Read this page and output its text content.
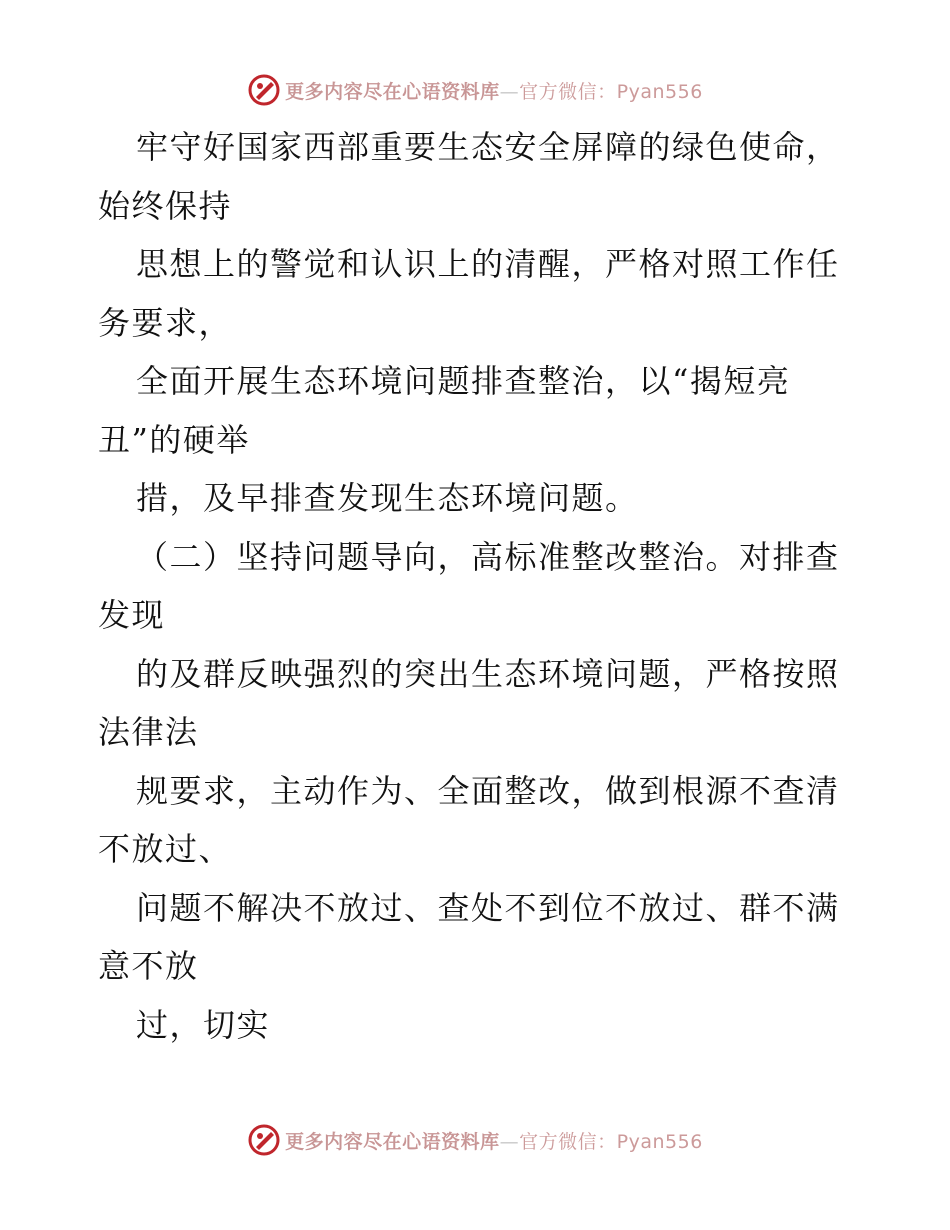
更多内容尽在心语资料库—官方微信：Pyan556
牢守好国家西部重要生态安全屏障的绿色使命，
始终保持
思想上的警觉和认识上的清醒，严格对照工作任
务要求，
全面开展生态环境问题排查整治，以“揭短亮
丑”的硬举
措，及早排查发现生态环境问题。
（二）坚持问题导向，高标准整改整治。对排查
发现
的及群反映强烈的突出生态环境问题，严格按照
法律法
规要求，主动作为、全面整改，做到根源不查清
不放过、
问题不解决不放过、查处不到位不放过、群不满
意不放
过，切实
更多内容尽在心语资料库—官方微信：Pyan556
